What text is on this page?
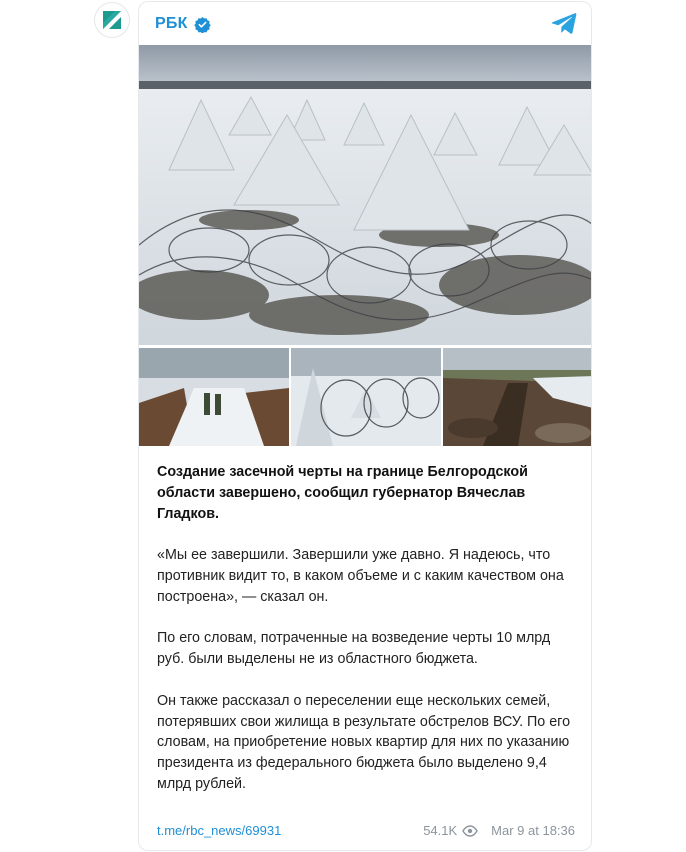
РБК

Создание засечной черты на границе Белгородской области завершено, сообщил губернатор Вячеслав Гладков.

«Мы ее завершили. Завершили уже давно. Я надеюсь, что противник видит то, в каком объеме и с каким качеством она построена», — сказал он.

По его словам, потраченные на возведение черты 10 млрд руб. были выделены не из областного бюджета.

Он также рассказал о переселении еще нескольких семей, потерявших свои жилища в результате обстрелов ВСУ. По его словам, на приобретение новых квартир для них по указанию президента из федерального бюджета было выделено 9,4 млрд рублей.

t.me/rbc_news/69931	54.1K	Mar 9 at 18:36
